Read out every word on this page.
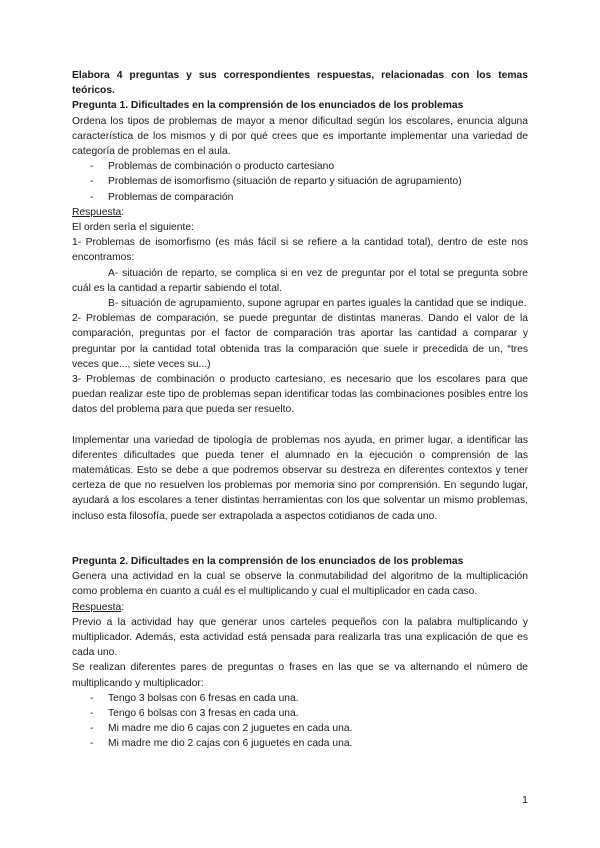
Elabora 4 preguntas y sus correspondientes respuestas, relacionadas con los temas teóricos.

Pregunta 1. Dificultades en la comprensión de los enunciados de los problemas

Ordena los tipos de problemas de mayor a menor dificultad según los escolares, enuncia alguna característica de los mismos y di por qué crees que es importante implementar una variedad de categoría de problemas en el aula.

- Problemas de combinación o producto cartesiano
- Problemas de isomorfismo (situación de reparto y situación de agrupamiento)
- Problemas de comparación

Respuesta:

El orden sería el siguiente:

1- Problemas de isomorfismo (es más fácil si se refiere a la cantidad total), dentro de este nos encontramos:

A- situación de reparto, se complica si en vez de preguntar por el total se pregunta sobre cuál es la cantidad a repartir sabiendo el total.

B- situación de agrupamiento, supone agrupar en partes iguales la cantidad que se indique.

2- Problemas de comparación, se puede preguntar de distintas maneras. Dando el valor de la comparación, preguntas por el factor de comparación tras aportar las cantidad a comparar y preguntar por la cantidad total obtenida tras la comparación que suele ir precedida de un, “tres veces que..., siete veces su...)

3- Problemas de combinación o producto cartesiano, es necesario que los escolares para que puedan realizar este tipo de problemas sepan identificar todas las combinaciones posibles entre los datos del problema para que pueda ser resuelto.

Implementar una variedad de tipología de problemas nos ayuda, en primer lugar, a identificar las diferentes dificultades que pueda tener el alumnado en la ejecución o comprensión de las matemáticas. Esto se debe a que podremos observar su destreza en diferentes contextos y tener certeza de que no resuelven los problemas por memoria sino por comprensión. En segundo lugar, ayudará a los escolares a tener distintas herramientas con los que solventar un mismo problemas, incluso esta filosofía, puede ser extrapolada a aspectos cotidianos de cada uno.

Pregunta 2. Dificultades en la comprensión de los enunciados de los problemas

Genera una actividad en la cual se observe la conmutabilidad del algoritmo de la multiplicación como problema en cuanto a cuál es el multiplicando y cual el multiplicador en cada caso.

Respuesta:

Previo a la actividad hay que generar unos carteles pequeños con la palabra multiplicando y multiplicador. Además, esta actividad está pensada para realizarla tras una explicación de que es cada uno.

Se realizan diferentes pares de preguntas o frases en las que se va alternando el número de multiplicando y multiplicador:

- Tengo 3 bolsas con 6 fresas en cada una.
- Tengo 6 bolsas con 3 fresas en cada una.
- Mi madre me dio 6 cajas con 2 juguetes en cada una.
- Mi madre me dio 2 cajas con 6 juguetes en cada una.
1
